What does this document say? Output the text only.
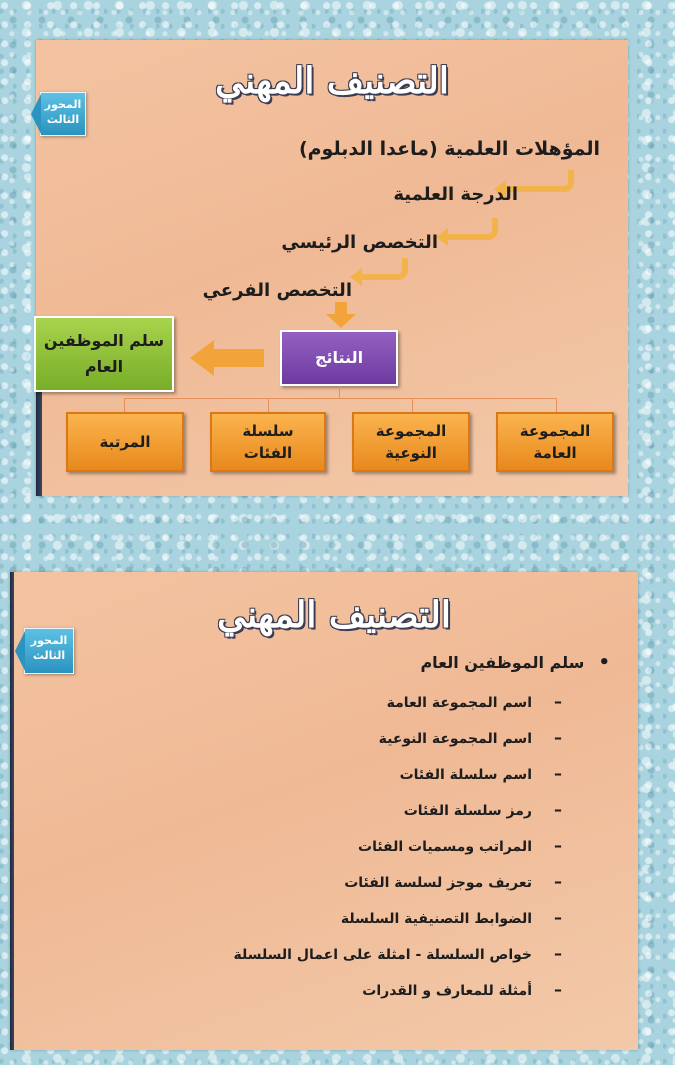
التصنيف المهني
المؤهلات العلمية (ماعدا الدبلوم)
الدرجة العلمية
التخصص الرئيسي
التخصص الفرعي
النتائج
سلم الموظفين
العام
المجموعة
العامة
المجموعة
النوعية
سلسلة
الفئات
المرتبة
المحور
الثالث
التصنيف المهني
• سلم الموظفين العام
–اسم المجموعة العامة
–اسم المجموعة النوعية
–اسم سلسلة الفئات
–رمز سلسلة الفئات
–المراتب ومسميات الفئات
–تعريف موجز لسلسة الفئات
–الضوابط التصنيفية السلسلة
–خواص السلسلة - امثلة على اعمال السلسلة
–أمثلة للمعارف و القدرات
المحور
الثالث
